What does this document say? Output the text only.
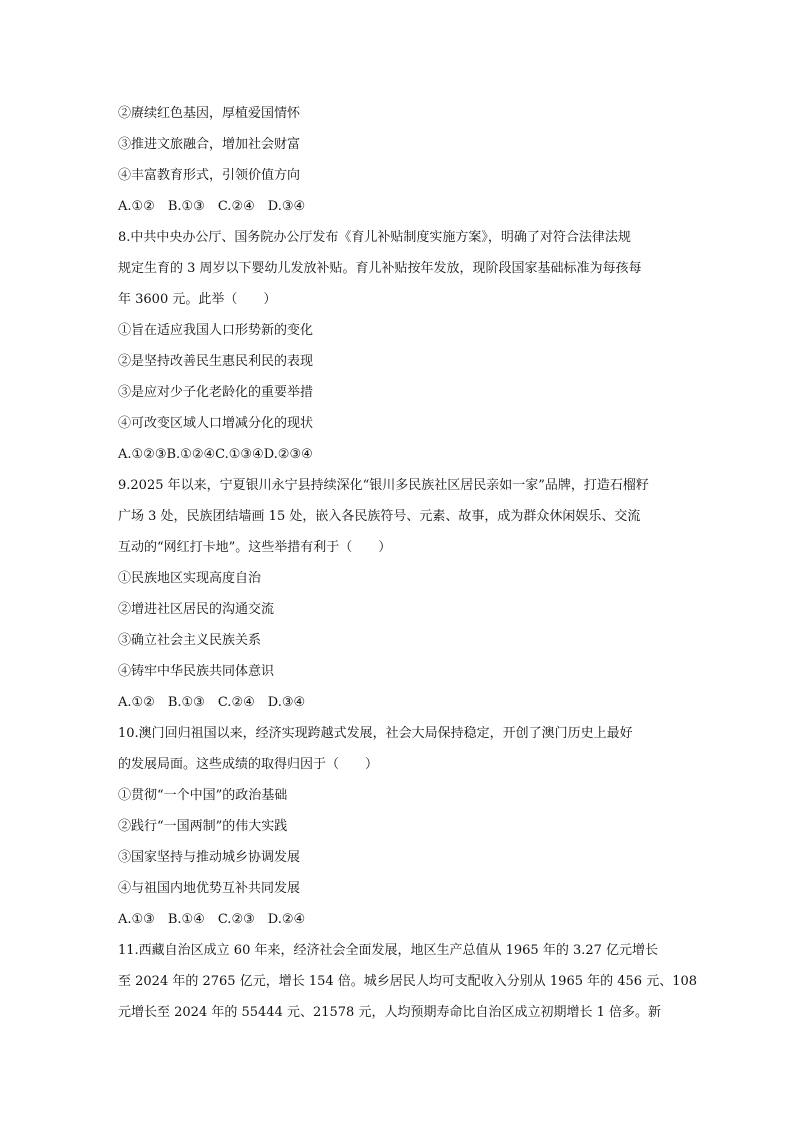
②赓续红色基因，厚植爱国情怀
③推进文旅融合，增加社会财富
④丰富教育形式，引领价值方向
A.①②　B.①③　C.②④　D.③④
8.中共中央办公厅、国务院办公厅发布《育儿补贴制度实施方案》，明确了对符合法律法规
规定生育的 3 周岁以下婴幼儿发放补贴。育儿补贴按年发放，现阶段国家基础标准为每孩每
年 3600 元。此举（　　）
①旨在适应我国人口形势新的变化
②是坚持改善民生惠民利民的表现
③是应对少子化老龄化的重要举措
④可改变区域人口增减分化的现状
A.①②③B.①②④C.①③④D.②③④
9.2025 年以来，宁夏银川永宁县持续深化“银川多民族社区居民亲如一家”品牌，打造石榴籽
广场 3 处，民族团结墙画 15 处，嵌入各民族符号、元素、故事，成为群众休闲娱乐、交流
互动的“网红打卡地”。这些举措有利于（　　）
①民族地区实现高度自治
②增进社区居民的沟通交流
③确立社会主义民族关系
④铸牢中华民族共同体意识
A.①②　B.①③　C.②④　D.③④
10.澳门回归祖国以来，经济实现跨越式发展，社会大局保持稳定，开创了澳门历史上最好
的发展局面。这些成绩的取得归因于（　　）
①贯彻“一个中国”的政治基础
②践行“一国两制”的伟大实践
③国家坚持与推动城乡协调发展
④与祖国内地优势互补共同发展
A.①③　B.①④　C.②③　D.②④
11.西藏自治区成立 60 年来，经济社会全面发展，地区生产总值从 1965 年的 3.27 亿元增长
至 2024 年的 2765 亿元，增长 154 倍。城乡居民人均可支配收入分别从 1965 年的 456 元、108
元增长至 2024 年的 55444 元、21578 元，人均预期寿命比自治区成立初期增长 1 倍多。新
